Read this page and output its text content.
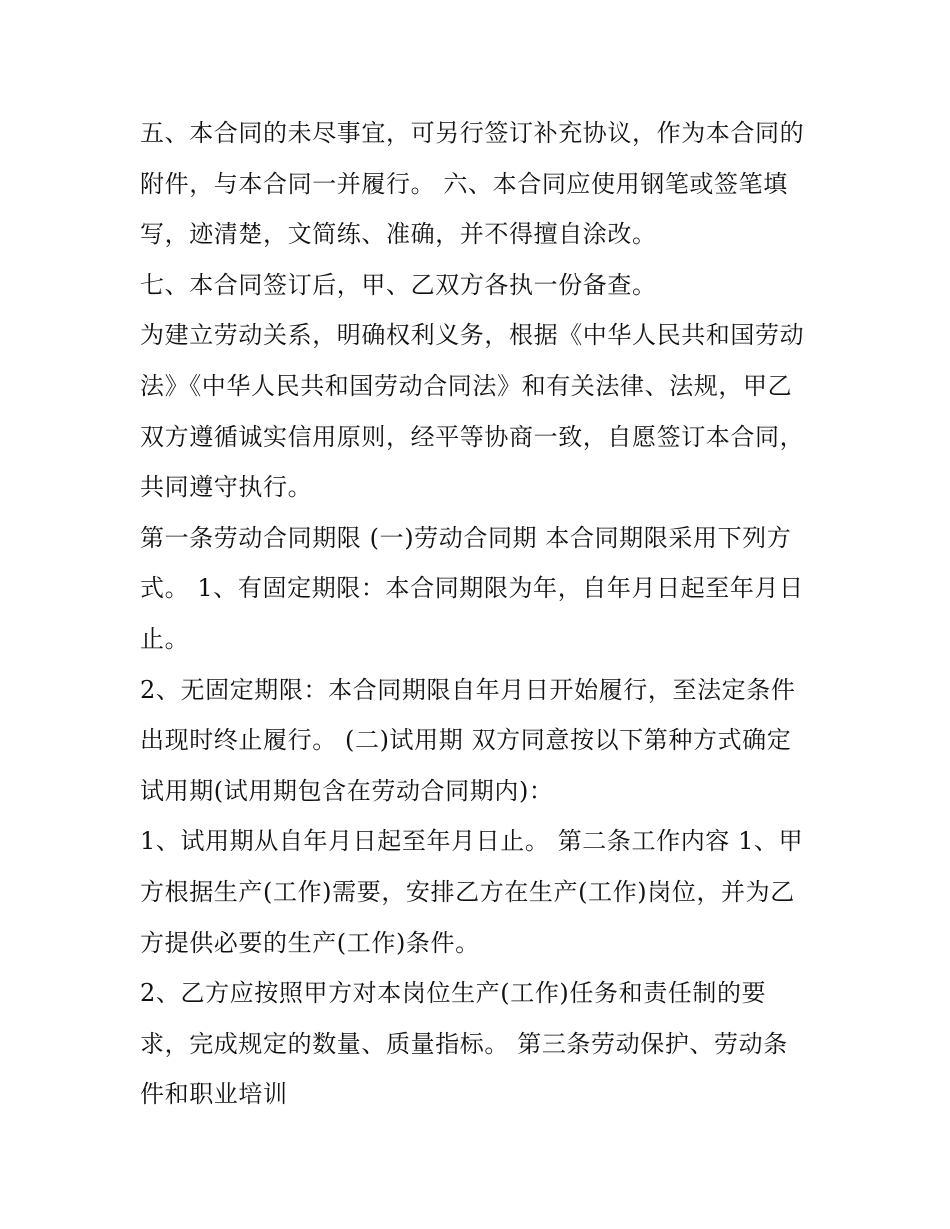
五、本合同的未尽事宜，可另行签订补充协议，作为本合同的
附件，与本合同一并履行。 六、本合同应使用钢笔或签笔填
写，迹清楚，文简练、准确，并不得擅自涂改。
七、本合同签订后，甲、乙双方各执一份备查。
为建立劳动关系，明确权利义务，根据《中华人民共和国劳动
法》《中华人民共和国劳动合同法》和有关法律、法规，甲乙
双方遵循诚实信用原则，经平等协商一致，自愿签订本合同，
共同遵守执行。
第一条劳动合同期限 (一)劳动合同期 本合同期限采用下列方
式。 1、有固定期限：本合同期限为年，自年月日起至年月日
止。
2、无固定期限：本合同期限自年月日开始履行，至法定条件
出现时终止履行。 (二)试用期 双方同意按以下第种方式确定
试用期(试用期包含在劳动合同期内)：
1、试用期从自年月日起至年月日止。 第二条工作内容 1、甲
方根据生产(工作)需要，安排乙方在生产(工作)岗位，并为乙
方提供必要的生产(工作)条件。
2、乙方应按照甲方对本岗位生产(工作)任务和责任制的要
求，完成规定的数量、质量指标。 第三条劳动保护、劳动条
件和职业培训
